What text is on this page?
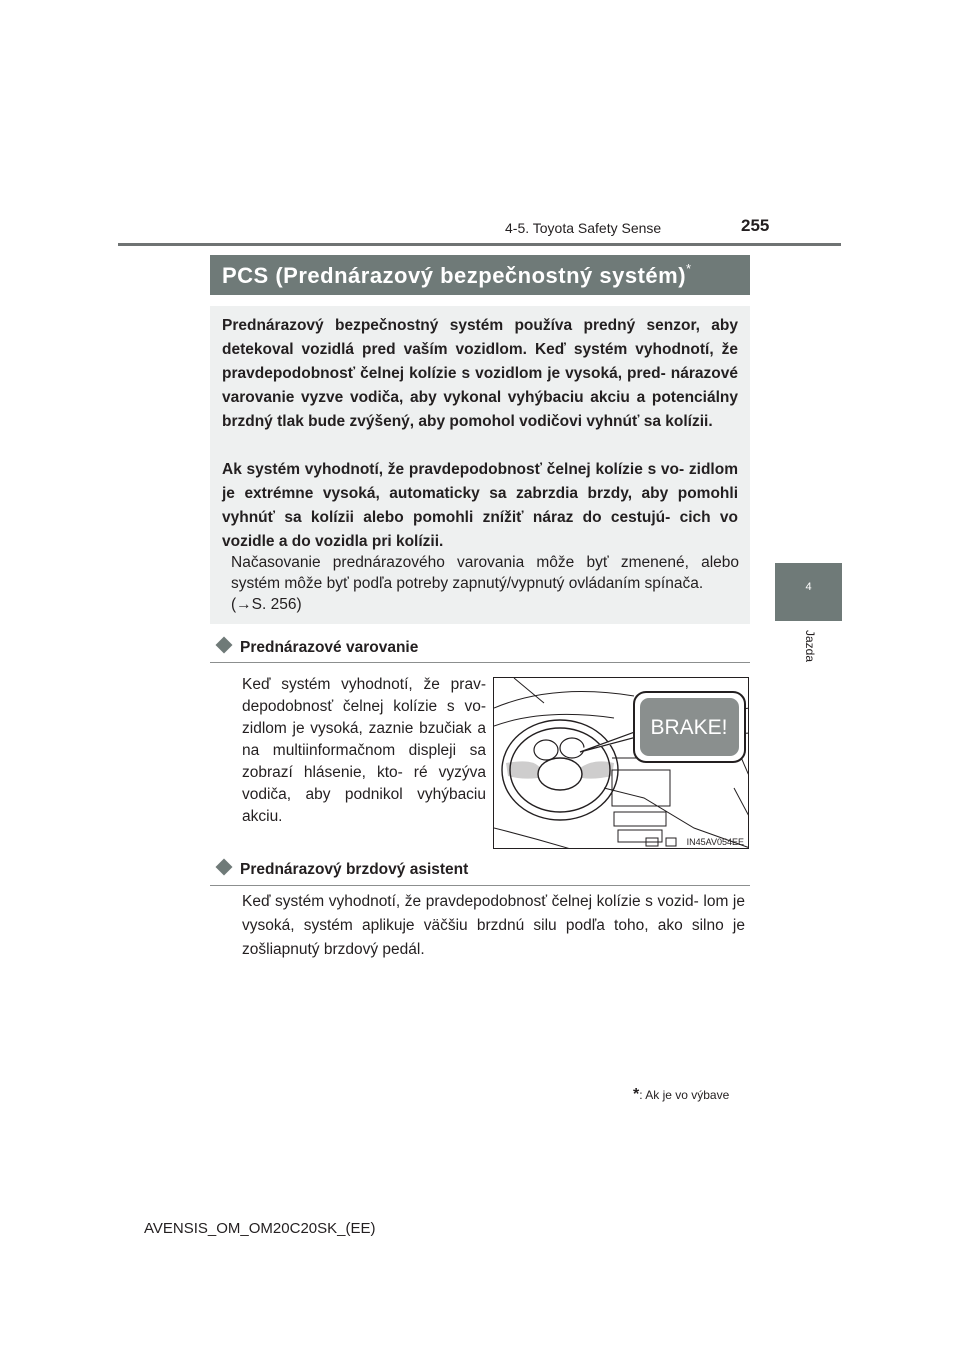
4-5. Toyota Safety Sense	255
4
Jazda
PCS (Prednárazový bezpečnostný systém)*
Prednárazový bezpečnostný systém používa predný senzor, aby detekoval vozidlá pred vaším vozidlom. Keď systém vyhodnotí, že pravdepodobnosť čelnej kolízie s vozidlom je vysoká, pred- nárazové varovanie vyzve vodiča, aby vykonal vyhýbaciu akciu a potenciálny brzdný tlak bude zvýšený, aby pomohol vodičovi vyhnúť sa kolízii.
Ak systém vyhodnotí, že pravdepodobnosť čelnej kolízie s vo- zidlom je extrémne vysoká, automaticky sa zabrzdia brzdy, aby pomohli vyhnúť sa kolízii alebo pomohli znížiť náraz do cestujú- cich vo vozidle a do vozidla pri kolízii.
Načasovanie prednárazového varovania môže byť zmenené, alebo systém môže byť podľa potreby zapnutý/vypnutý ovládaním spínača.
(→S. 256)
Prednárazové varovanie
Keď systém vyhodnotí, že prav- depodobnosť čelnej kolízie s vo- zidlom je vysoká, zaznie bzučiak a na multiinformačnom displeji sa zobrazí hlásenie, kto- ré vyzýva vodiča, aby podnikol vyhýbaciu akciu.
BRAKE!
IN45AV054EE
Prednárazový brzdový asistent
Keď systém vyhodnotí, že pravdepodobnosť čelnej kolízie s vozid- lom je vysoká, systém aplikuje väčšiu brzdnú silu podľa toho, ako silno je zošliapnutý brzdový pedál.
*: Ak je vo výbave
AVENSIS_OM_OM20C20SK_(EE)
